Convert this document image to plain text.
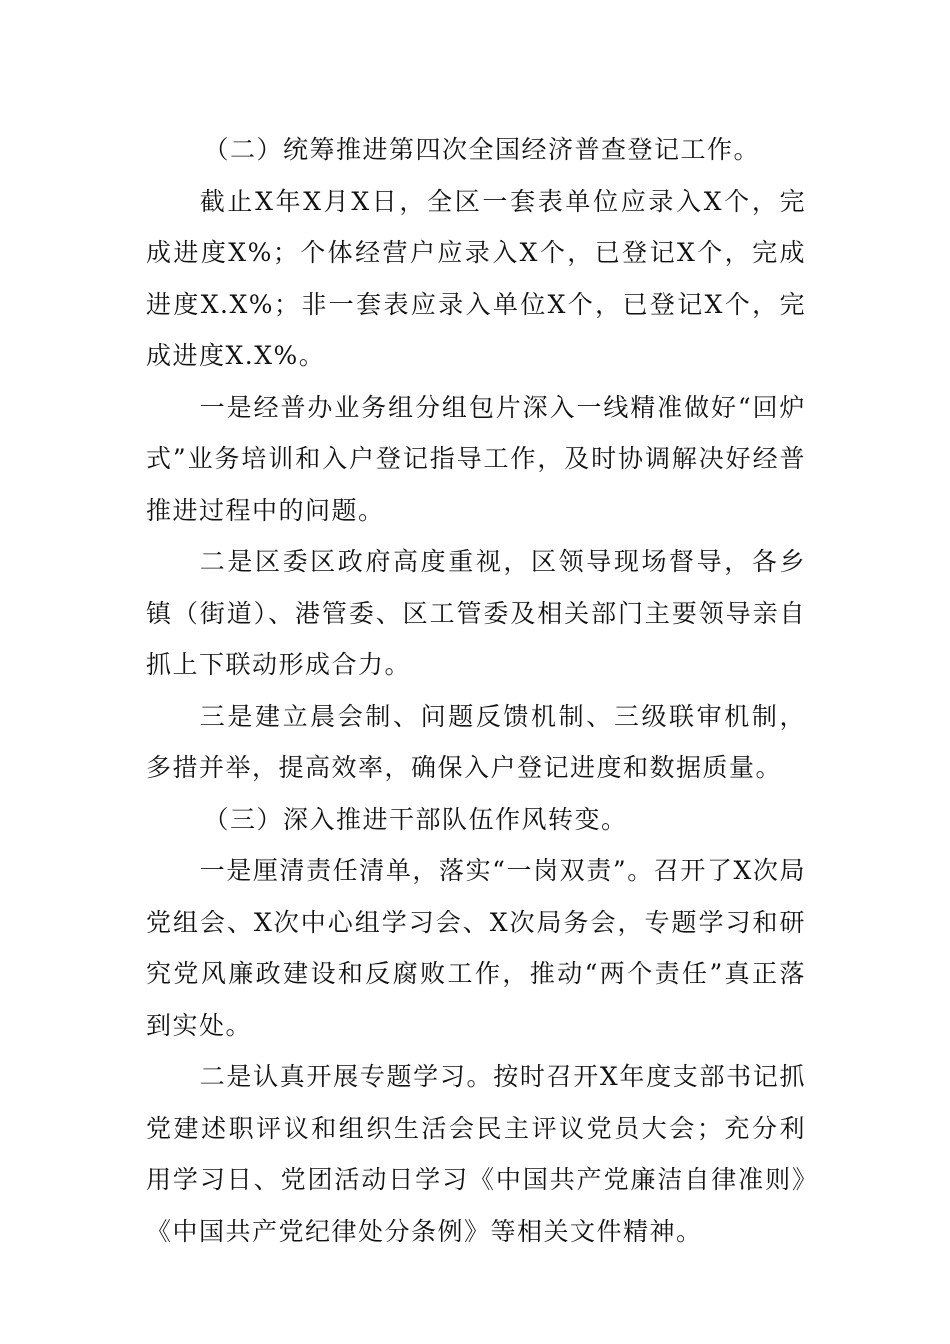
（二）统筹推进第四次全国经济普查登记工作。

截止X年X月X日，全区一套表单位应录入X个，完成进度X%；个体经营户应录入X个，已登记X个，完成进度X.X%；非一套表应录入单位X个，已登记X个，完成进度X.X%。

一是经普办业务组分组包片深入一线精准做好“回炉式”业务培训和入户登记指导工作，及时协调解决好经普推进过程中的问题。

二是区委区政府高度重视，区领导现场督导，各乡镇（街道）、港管委、区工管委及相关部门主要领导亲自抓上下联动形成合力。

三是建立晨会制、问题反馈机制、三级联审机制，多措并举，提高效率，确保入户登记进度和数据质量。

（三）深入推进干部队伍作风转变。

一是厘清责任清单，落实“一岗双责”。召开了X次局党组会、X次中心组学习会、X次局务会，专题学习和研究党风廉政建设和反腐败工作，推动“两个责任”真正落到实处。

二是认真开展专题学习。按时召开X年度支部书记抓党建述职评议和组织生活会民主评议党员大会；充分利用学习日、党团活动日学习《中国共产党廉洁自律准则》《中国共产党纪律处分条例》等相关文件精神。
